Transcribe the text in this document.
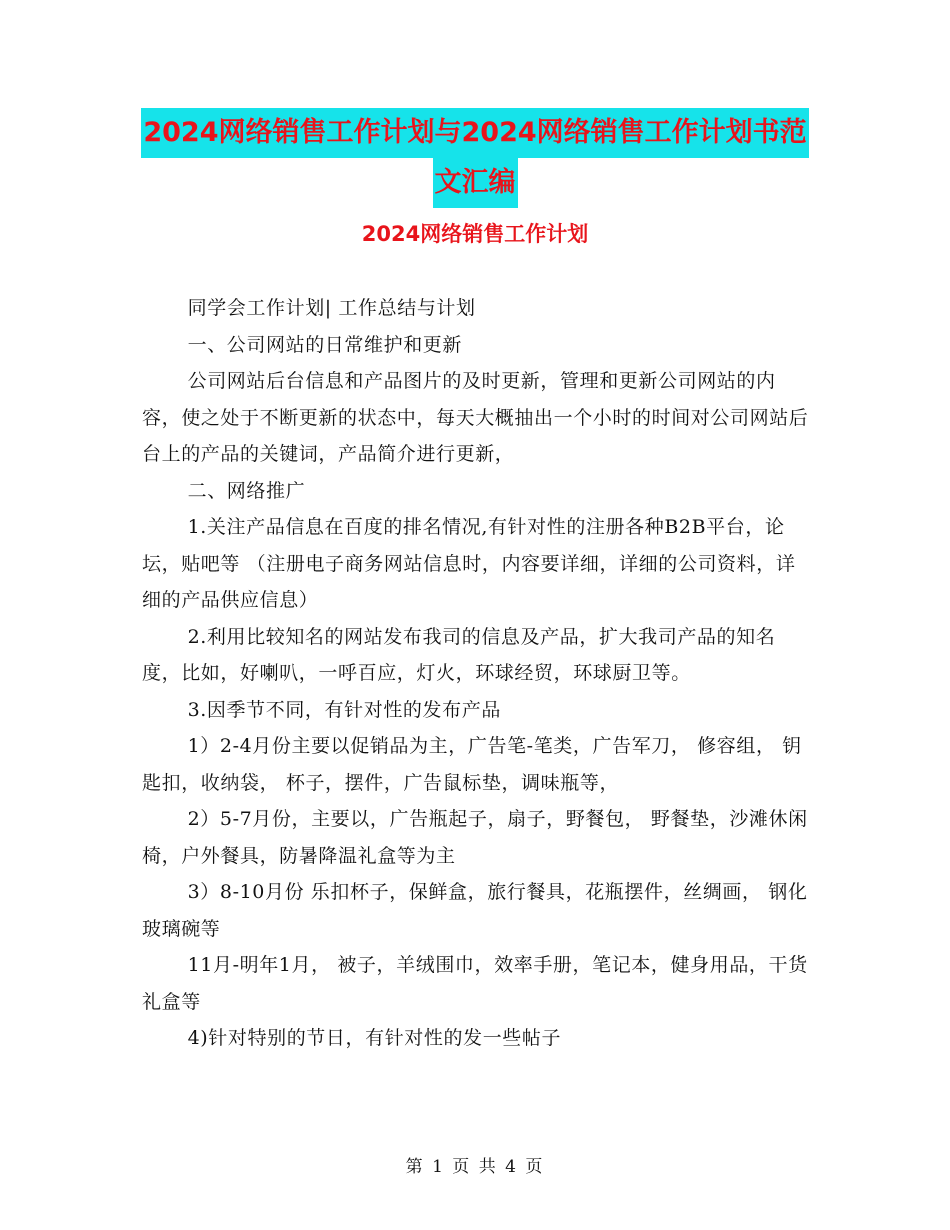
2024网络销售工作计划与2024网络销售工作计划书范
文汇编
2024网络销售工作计划

同学会工作计划| 工作总结与计划

一、公司网站的日常维护和更新

公司网站后台信息和产品图片的及时更新，管理和更新公司网站的内容，使之处于不断更新的状态中，每天大概抽出一个小时的时间对公司网站后台上的产品的关键词，产品简介进行更新，

二、网络推广

1.关注产品信息在百度的排名情况,有针对性的注册各种B2B平台，论坛，贴吧等 （注册电子商务网站信息时，内容要详细，详细的公司资料，详细的产品供应信息）

2.利用比较知名的网站发布我司的信息及产品，扩大我司产品的知名度，比如，好喇叭，一呼百应，灯火，环球经贸，环球厨卫等。

3.因季节不同，有针对性的发布产品

1）2-4月份主要以促销品为主，广告笔-笔类，广告军刀， 修容组， 钥匙扣，收纳袋， 杯子，摆件，广告鼠标垫，调味瓶等，

2）5-7月份，主要以，广告瓶起子，扇子，野餐包， 野餐垫，沙滩休闲椅，户外餐具，防暑降温礼盒等为主

3）8-10月份 乐扣杯子，保鲜盒，旅行餐具，花瓶摆件，丝绸画， 钢化玻璃碗等

11月-明年1月， 被子，羊绒围巾，效率手册，笔记本，健身用品，干货礼盒等

4)针对特别的节日，有针对性的发一些帖子

第 1 页 共 4 页
